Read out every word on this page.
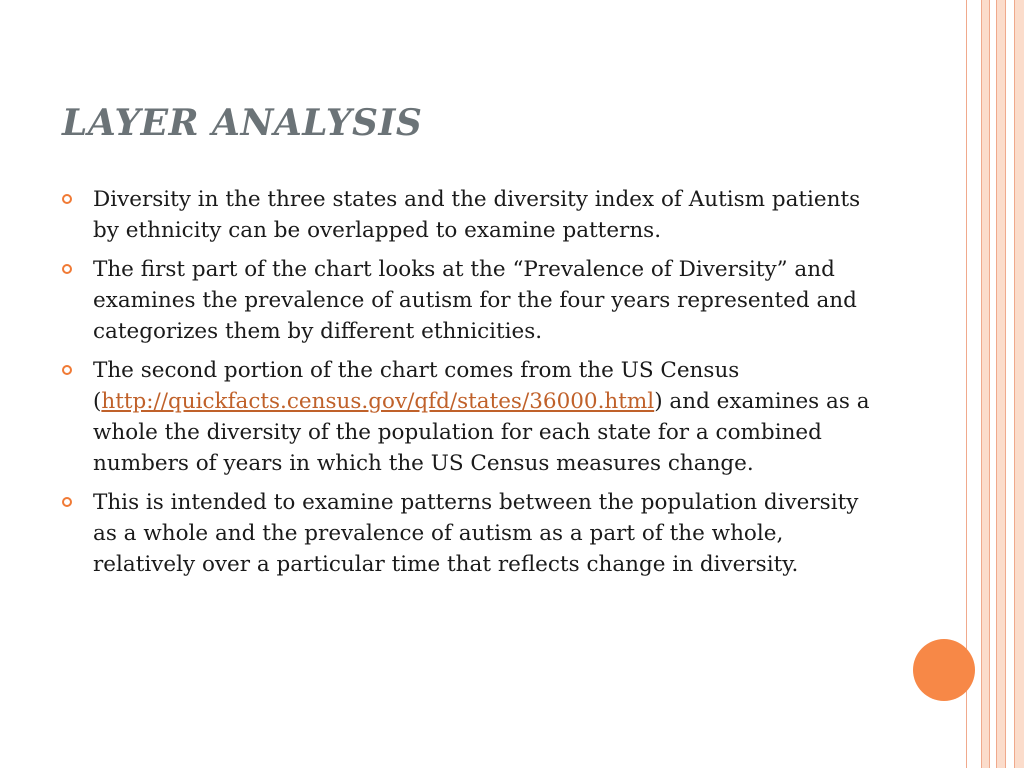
LAYER ANALYSIS
Diversity in the three states and the diversity index of Autism patients by ethnicity can be overlapped to examine patterns.
The first part of the chart looks at the “Prevalence of Diversity” and examines the prevalence of autism for the four years represented and categorizes them by different ethnicities.
The second portion of the chart comes from the US Census (http://quickfacts.census.gov/qfd/states/36000.html) and examines as a whole the diversity of the population for each state for a combined numbers of years in which the US Census measures change.
This is intended to examine patterns between the population diversity as a whole and the prevalence of autism as a part of the whole, relatively over a particular time that reflects change in diversity.
